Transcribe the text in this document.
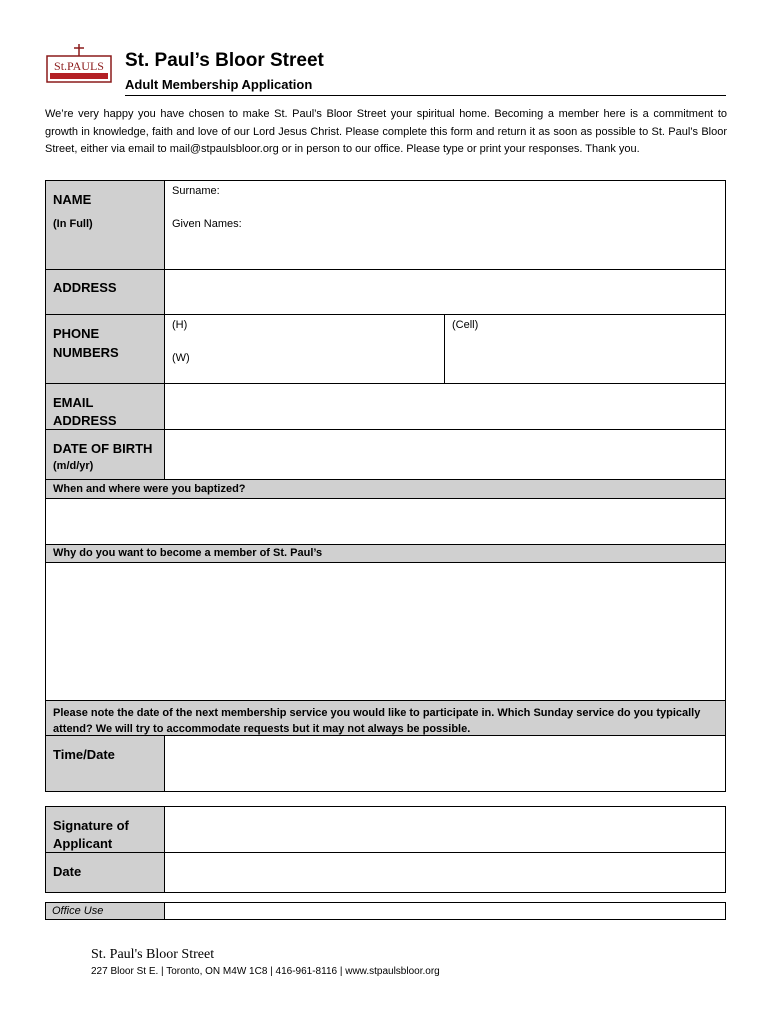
St.PAULS St. Paul’s Bloor Street
Adult Membership Application
We’re very happy you have chosen to make St. Paul’s Bloor Street your spiritual home. Becoming a member here is a commitment to growth in knowledge, faith and love of our Lord Jesus Christ. Please complete this form and return it as soon as possible to St. Paul’s Bloor Street, either via email to mail@stpaulsbloor.org or in person to our office. Please type or print your responses. Thank you.
NAME
(In Full)
Surname:
Given Names:
ADDRESS
PHONE
NUMBERS
(H)
(W)
(Cell)
EMAIL
ADDRESS
DATE OF BIRTH
(m/d/yr)
When and where were you baptized?
Why do you want to become a member of St. Paul’s
Please note the date of the next membership service you would like to participate in. Which Sunday service do you typically attend? We will try to accommodate requests but it may not always be possible.
Time/Date
Signature of
Applicant
Date
Office Use
St. Paul's Bloor Street
227 Bloor St E. | Toronto, ON M4W 1C8 | 416-961-8116 | www.stpaulsbloor.org
